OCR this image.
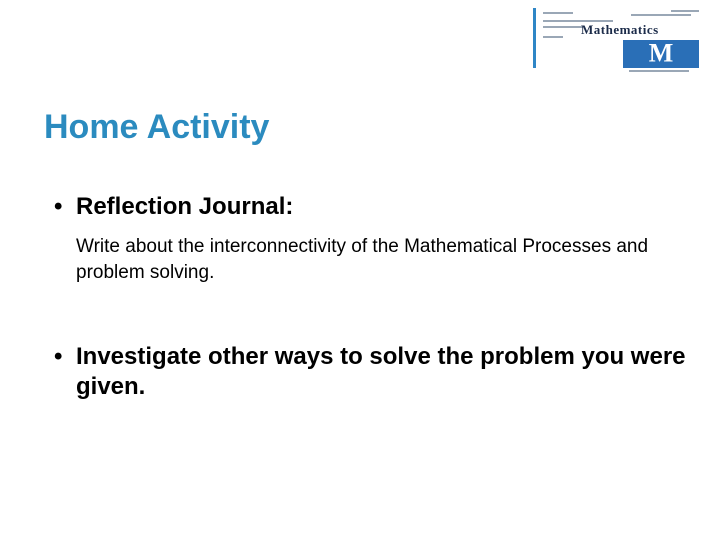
Mathematics
M
Home Activity
• Reflection Journal:
Write about the interconnectivity of the Mathematical Processes and problem solving.
• Investigate other ways to solve the problem you were given.
